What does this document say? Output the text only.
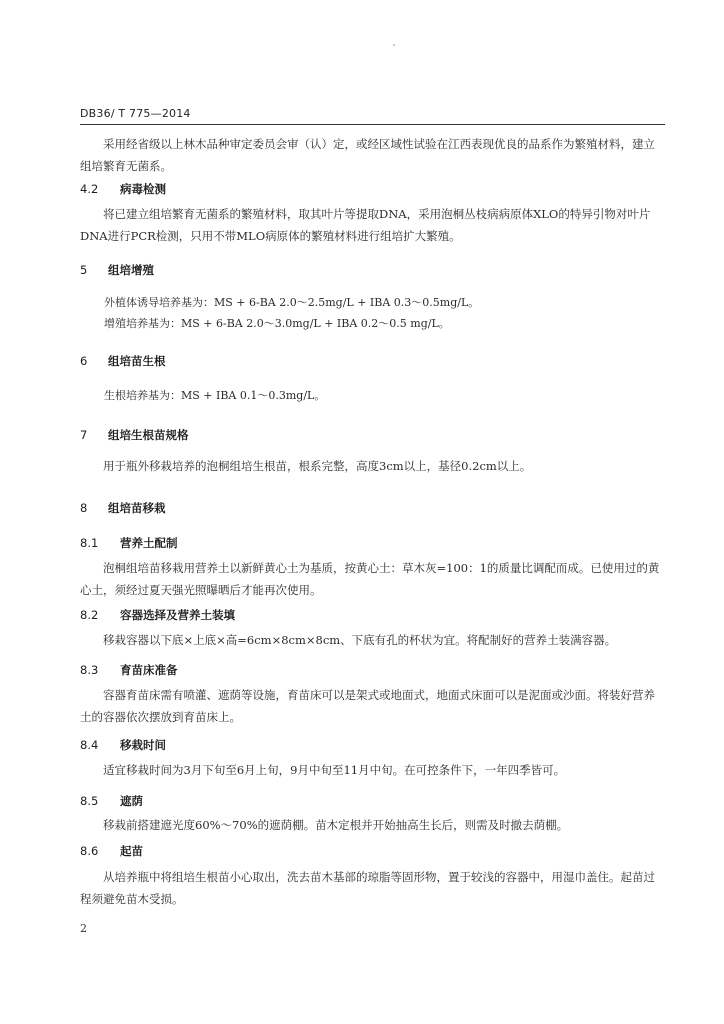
DB36/ T 775—2014
采用经省级以上林木品种审定委员会审（认）定，或经区域性试验在江西表现优良的品系作为繁殖材料，建立组培繁育无菌系。
4.2 病毒检测
将已建立组培繁育无菌系的繁殖材料，取其叶片等提取DNA，采用泡桐丛枝病病原体XLO的特异引物对叶片DNA进行PCR检测，只用不带MLO病原体的繁殖材料进行组培扩大繁殖。
5 组培增殖
外植体诱导培养基为：MS + 6-BA 2.0～2.5mg/L + IBA 0.3～0.5mg/L。
增殖培养基为：MS + 6-BA 2.0～3.0mg/L + IBA 0.2～0.5 mg/L。
6 组培苗生根
生根培养基为：MS + IBA 0.1～0.3mg/L。
7 组培生根苗规格
用于瓶外移栽培养的泡桐组培生根苗，根系完整，高度3cm以上，基径0.2cm以上。
8 组培苗移栽
8.1 营养土配制
泡桐组培苗移栽用营养土以新鲜黄心土为基质，按黄心土：草木灰=100：1的质量比调配而成。已使用过的黄心土，须经过夏天强光照曝晒后才能再次使用。
8.2 容器选择及营养土装填
移栽容器以下底×上底×高=6cm×8cm×8cm、下底有孔的杯状为宜。将配制好的营养土装满容器。
8.3 育苗床准备
容器育苗床需有喷灌、遮荫等设施，育苗床可以是架式或地面式，地面式床面可以是泥面或沙面。将装好营养土的容器依次摆放到育苗床上。
8.4 移栽时间
适宜移栽时间为3月下旬至6月上旬，9月中旬至11月中旬。在可控条件下，一年四季皆可。
8.5 遮荫
移栽前搭建遮光度60%～70%的遮荫棚。苗木定根并开始抽高生长后，则需及时撤去荫棚。
8.6 起苗
从培养瓶中将组培生根苗小心取出，洗去苗木基部的琼脂等固形物，置于较浅的容器中，用湿巾盖住。起苗过程须避免苗木受损。
2
